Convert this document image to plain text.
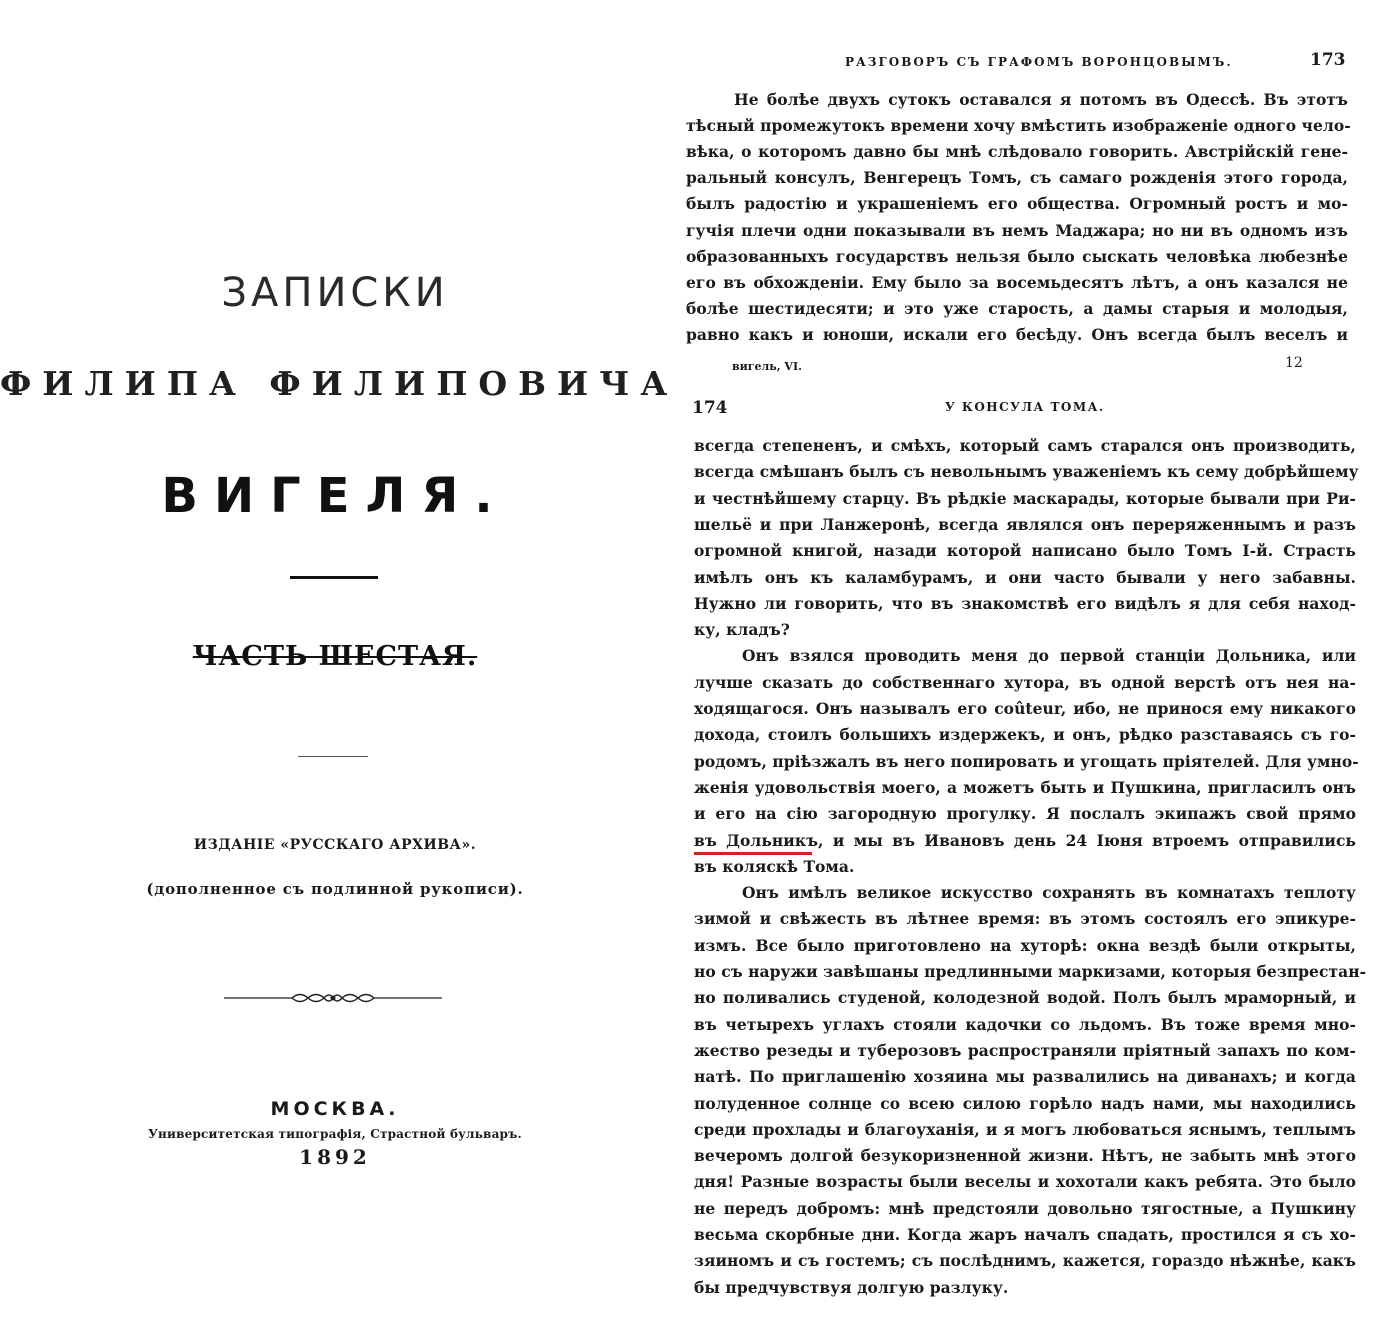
ЗАПИСКИ
ФИЛИПА ФИЛИПОВИЧА
ВИГЕЛЯ.
ЧАСТЬ ШЕСТАЯ.
ИЗДАНІЕ «РУССКАГО АРХИВА».
(дополненное съ подлинной рукописи).
МОСКВА.
Университетская типографія, Страстной бульваръ.
1892
РАЗГОВОРЪ СЪ ГРАФОМЪ ВОРОНЦОВЫМЪ.	173
Не болѣе двухъ сутокъ оставался я потомъ въ Одессѣ. Въ этотъ
тѣсный промежутокъ времени хочу вмѣстить изображеніе одного чело-
вѣка, о которомъ давно бы мнѣ слѣдовало говорить. Австрійскій гене-
ральный консулъ, Венгерецъ Томъ, съ самаго рожденія этого города,
былъ радостію и украшеніемъ его общества. Огромный ростъ и мо-
гучія плечи одни показывали въ немъ Маджара; но ни въ одномъ изъ
образованныхъ государствъ нельзя было сыскать человѣка любезнѣе
его въ обхожденіи. Ему было за восемьдесятъ лѣтъ, а онъ казался не
болѣе шестидесяти; и это уже старость, а дамы старыя и молодыя,
равно какъ и юноши, искали его бесѣду. Онъ всегда былъ веселъ и
вигель, VI.	12
174	У КОНСУЛА ТОМА.
всегда степененъ, и смѣхъ, который самъ старался онъ производить,
всегда смѣшанъ былъ съ невольнымъ уваженіемъ къ сему добрѣйшему
и честнѣйшему старцу. Въ рѣдкіе маскарады, которые бывали при Ри-
шельё и при Ланжеронѣ, всегда являлся онъ переряженнымъ и разъ
огромной книгой, назади которой написано было Томъ I-й. Страсть
имѣлъ онъ къ каламбурамъ, и они часто бывали у него забавны.
Нужно ли говорить, что въ знакомствѣ его видѣлъ я для себя наход-
ку, кладъ?
Онъ взялся проводить меня до первой станціи Дольника, или
лучше сказать до собственнаго хутора, въ одной верстѣ отъ нея на-
ходящагося. Онъ называлъ его coûteur, ибо, не принося ему никакого
дохода, стоилъ большихъ издержекъ, и онъ, рѣдко разставаясь съ го-
родомъ, пріѣзжалъ въ него попировать и угощать пріятелей. Для умно-
женія удовольствія моего, а можетъ быть и Пушкина, пригласилъ онъ
и его на сію загородную прогулку. Я послалъ экипажъ свой прямо
въ Дольникъ, и мы въ Ивановъ день 24 Іюня втроемъ отправились
въ коляскѣ Тома.
Онъ имѣлъ великое искусство сохранять въ комнатахъ теплоту
зимой и свѣжесть въ лѣтнее время: въ этомъ состоялъ его эпикуре-
измъ. Все было приготовлено на хуторѣ: окна вездѣ были открыты,
но съ наружи завѣшаны предлинными маркизами, которыя безпрестан-
но поливались студеной, колодезной водой. Полъ былъ мраморный, и
въ четырехъ углахъ стояли кадочки со льдомъ. Въ тоже время мно-
жество резеды и туберозовъ распространяли пріятный запахъ по ком-
натѣ. По приглашенію хозяина мы развалились на диванахъ; и когда
полуденное солнце со всею силою горѣло надъ нами, мы находились
среди прохлады и благоуханія, и я могъ любоваться яснымъ, теплымъ
вечеромъ долгой безукоризненной жизни. Нѣтъ, не забыть мнѣ этого
дня! Разные возрасты были веселы и хохотали какъ ребята. Это было
не передъ добромъ: мнѣ предстояли довольно тягостные, а Пушкину
весьма скорбные дни. Когда жаръ началъ спадать, простился я съ хо-
зяиномъ и съ гостемъ; съ послѣднимъ, кажется, гораздо нѣжнѣе, какъ
бы предчувствуя долгую разлуку.
